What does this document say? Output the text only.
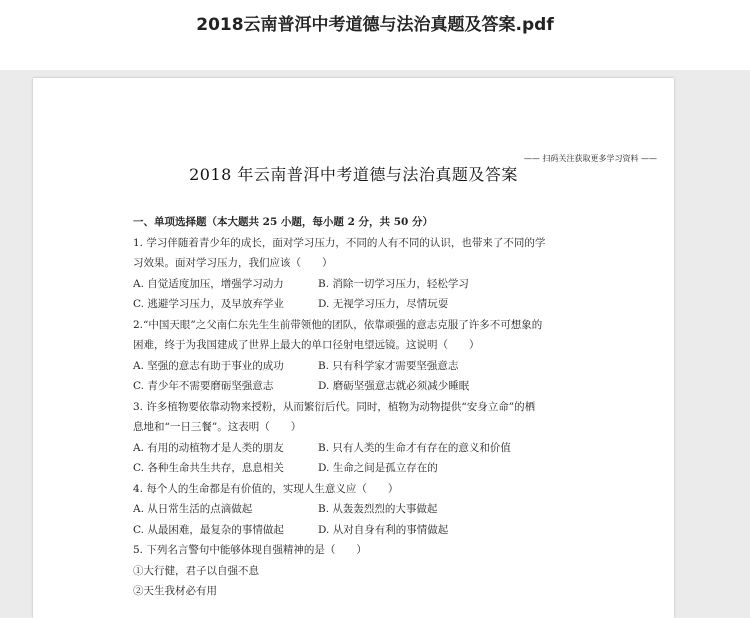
2018云南普洱中考道德与法治真题及答案.pdf
—— 扫码关注获取更多学习资料 ——
2018 年云南普洱中考道德与法治真题及答案
一、单项选择题（本大题共 25 小题，每小题 2 分，共 50 分）
1. 学习伴随着青少年的成长，面对学习压力，不同的人有不同的认识，也带来了不同的学
习效果。面对学习压力，我们应该（　　）
A. 自觉适度加压，增强学习动力	B. 消除一切学习压力，轻松学习
C. 逃避学习压力，及早放弃学业	D. 无视学习压力，尽情玩耍
2.“中国天眼”之父南仁东先生生前带领他的团队，依靠顽强的意志克服了许多不可想象的
困难，终于为我国建成了世界上最大的单口径射电望远镜。这说明（　　）
A. 坚强的意志有助于事业的成功	B. 只有科学家才需要坚强意志
C. 青少年不需要磨砺坚强意志	D. 磨砺坚强意志就必须减少睡眠
3. 许多植物要依靠动物来授粉，从而繁衍后代。同时，植物为动物提供“安身立命”的栖
息地和“一日三餐”。这表明（　　）
A. 有用的动植物才是人类的朋友	B. 只有人类的生命才有存在的意义和价值
C. 各种生命共生共存，息息相关	D. 生命之间是孤立存在的
4. 每个人的生命都是有价值的，实现人生意义应（　　）
A. 从日常生活的点滴做起	B. 从轰轰烈烈的大事做起
C. 从最困难，最复杂的事情做起	D. 从对自身有利的事情做起
5. 下列名言警句中能够体现自强精神的是（　　）
①大行健，君子以自强不息
②天生我材必有用
